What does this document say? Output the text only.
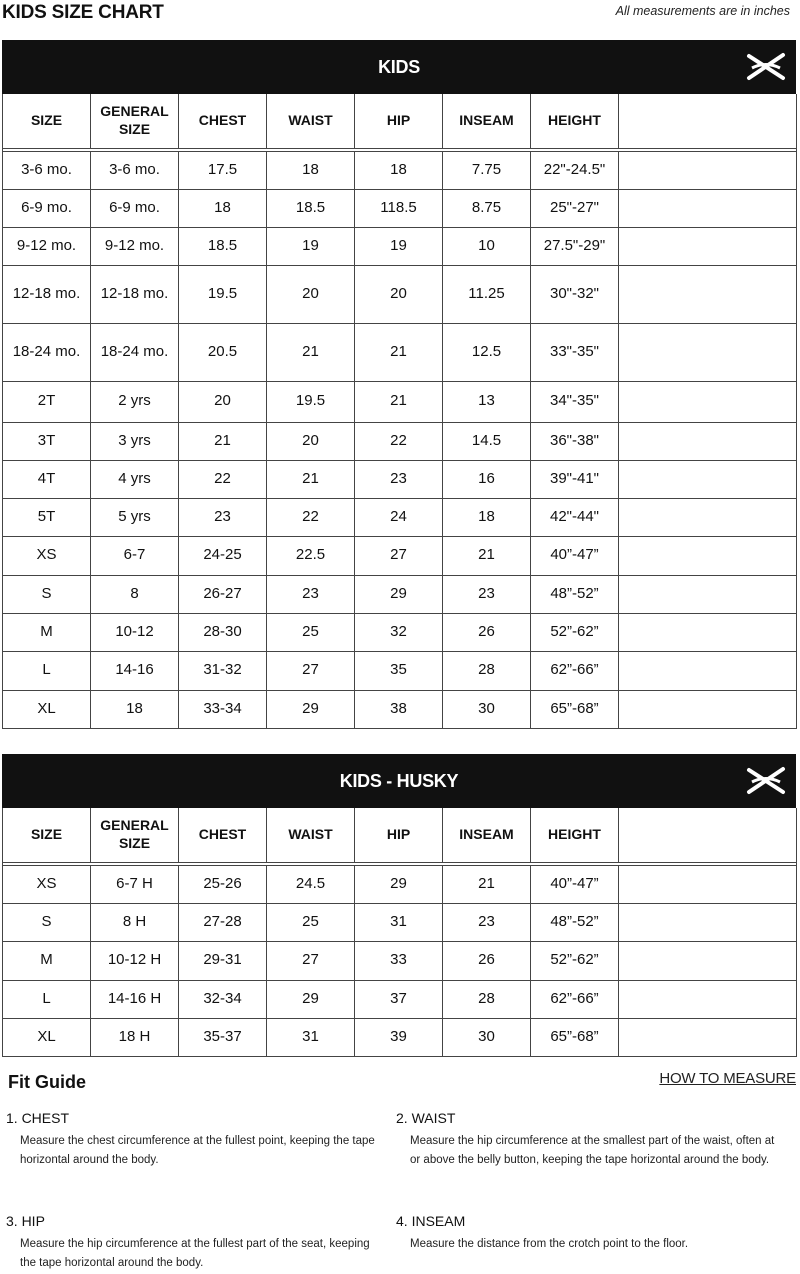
KIDS SIZE CHART	All measurements are in inches
KIDS
SIZE	GENERAL SIZE	CHEST	WAIST	HIP	INSEAM	HEIGHT	

3-6 mo.	3-6 mo.	17.5	18	18	7.75	22"-24.5"	
6-9 mo.	6-9 mo.	18	18.5	118.5	8.75	25"-27"	
9-12 mo.	9-12 mo.	18.5	19	19	10	27.5"-29"	
12-18 mo.	12-18 mo.	19.5	20	20	11.25	30"-32"	
18-24 mo.	18-24 mo.	20.5	21	21	12.5	33"-35"	
2T	2 yrs	20	19.5	21	13	34"-35"	
3T	3 yrs	21	20	22	14.5	36"-38"	
4T	4 yrs	22	21	23	16	39"-41"	
5T	5 yrs	23	22	24	18	42"-44"	
XS	6-7	24-25	22.5	27	21	40”-47”	
S	8	26-27	23	29	23	48”-52”	
M	10-12	28-30	25	32	26	52”-62”	
L	14-16	31-32	27	35	28	62”-66”	
XL	18	33-34	29	38	30	65”-68”	
KIDS - HUSKY
SIZE	GENERAL SIZE	CHEST	WAIST	HIP	INSEAM	HEIGHT	

XS	6-7 H	25-26	24.5	29	21	40”-47”	
S	8 H	27-28	25	31	23	48”-52”	
M	10-12 H	29-31	27	33	26	52”-62”	
L	14-16 H	32-34	29	37	28	62”-66”	
XL	18 H	35-37	31	39	30	65”-68”	
Fit Guide	HOW TO MEASURE
1. CHEST
Measure the chest circumference at the fullest point, keeping the tape horizontal around the body.
2. WAIST
Measure the hip circumference at the smallest part of the waist, often at or above the belly button, keeping the tape horizontal around the body.
3. HIP
Measure the hip circumference at the fullest part of the seat, keeping the tape horizontal around the body.
4. INSEAM
Measure the distance from the crotch point to the floor.
